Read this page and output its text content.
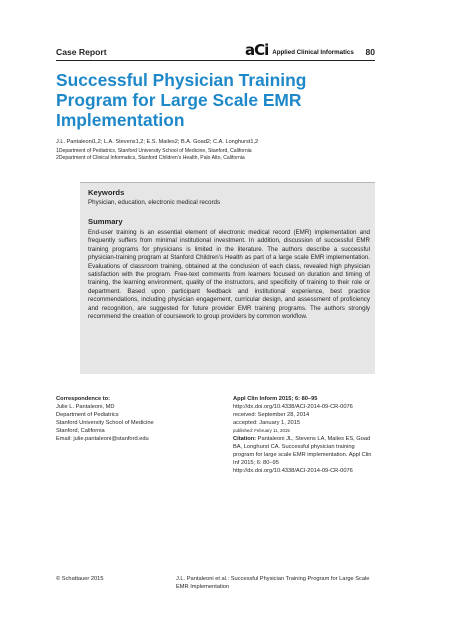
Case Report	aCi Applied Clinical Informatics 80
Successful Physician Training
Program for Large Scale EMR
Implementation
J.L. Pantaleoni1,2; L.A. Stevens1,2; E.S. Mailes2; B.A. Goad2; C.A. Longhurst1,2
1Department of Pediatrics, Stanford University School of Medicine, Stanford, California
2Department of Clinical Informatics, Stanford Children’s Health, Palo Alto, California
Keywords
Physician, education, electronic medical records
Summary
End-user training is an essential element of electronic medical record (EMR) implementation and frequently suffers from minimal institutional investment. In addition, discussion of successful EMR training programs for physicians is limited in the literature. The authors describe a successful physician-training program at Stanford Children’s Health as part of a large scale EMR implementation. Evaluations of classroom training, obtained at the conclusion of each class, revealed high physician satisfaction with the program. Free-text comments from learners focused on duration and timing of training, the learning environment, quality of the instructors, and specificity of training to their role or department. Based upon participant feedback and institutional experience, best practice recommendations, including physician engagement, curricular design, and assessment of proficiency and recognition, are suggested for future provider EMR training programs. The authors strongly recommend the creation of coursework to group providers by common workflow.
Correspondence to:
Julie L. Pantaleoni, MD
Department of Pediatrics
Stanford University School of Medicine
Stanford, California
Email: julie.pantaleoni@stanford.edu
Appl Clin Inform 2015; 6: 80–95
http://dx.doi.org/10.4338/ACI-2014-09-CR-0076
received: September 28, 2014
accepted: January 1, 2015
published: February 11, 2015
Citation: Pantaleoni JL, Stevens LA, Mailes ES, Goad BA, Longhurst CA. Successful physician training program for large scale EMR implementation. Appl Clin Inf 2015; 6: 80–95
http://dx.doi.org/10.4338/ACI-2014-09-CR-0076
© Schattauer 2015	J.L. Pantaleoni et al.: Successful Physician Training Program for Large Scale EMR Implementation
